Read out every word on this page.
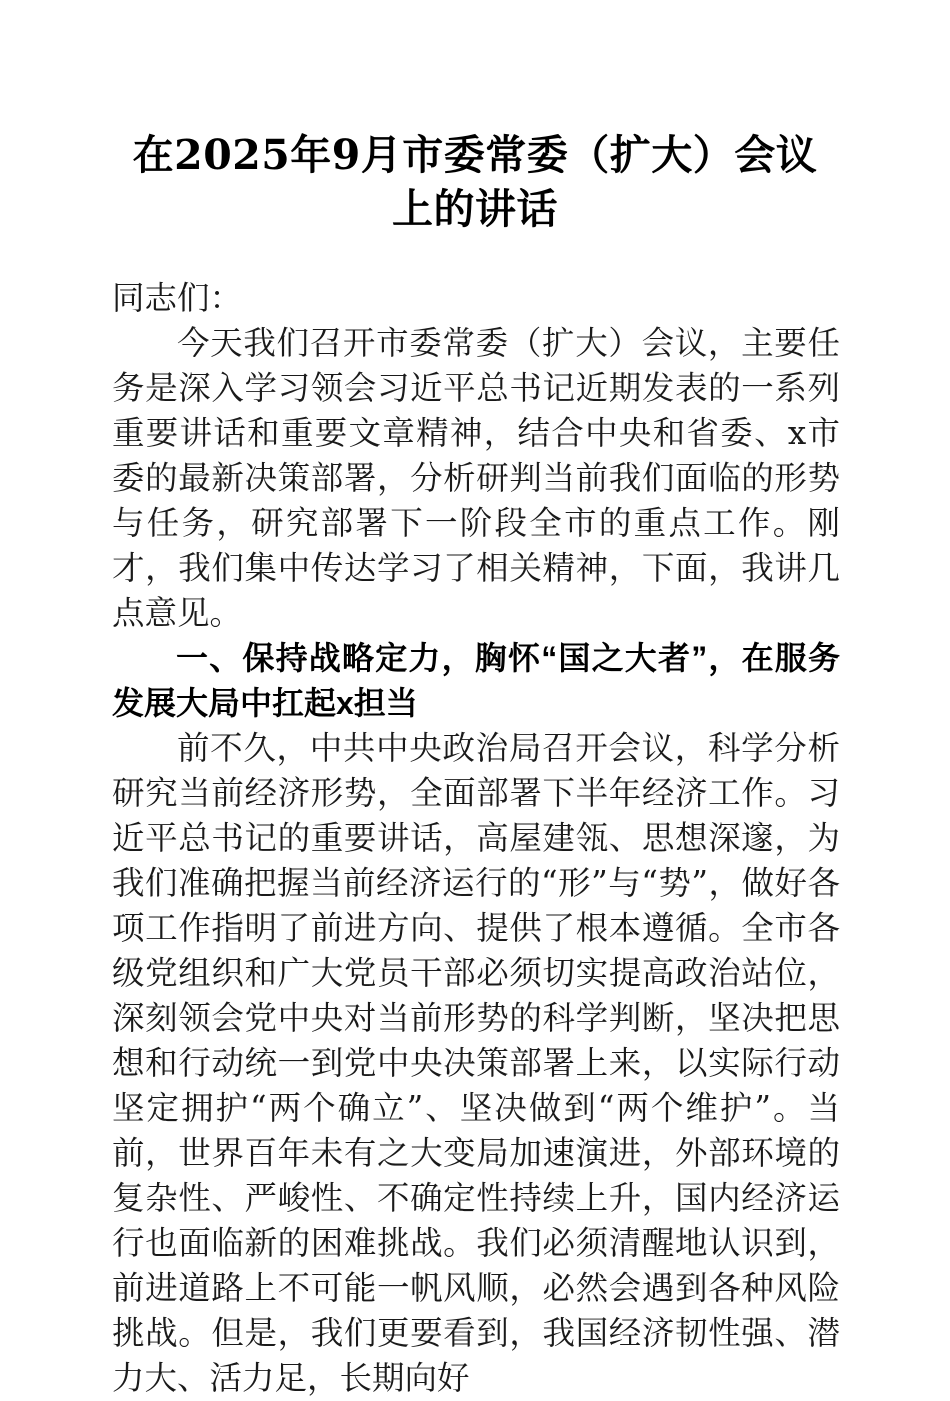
在2025年9月市委常委（扩大）会议上的讲话

同志们：

今天我们召开市委常委（扩大）会议，主要任务是深入学习领会习近平总书记近期发表的一系列重要讲话和重要文章精神，结合中央和省委、x市委的最新决策部署，分析研判当前我们面临的形势与任务，研究部署下一阶段全市的重点工作。刚才，我们集中传达学习了相关精神，下面，我讲几点意见。

一、保持战略定力，胸怀“国之大者”，在服务发展大局中扛起x担当

前不久，中共中央政治局召开会议，科学分析研究当前经济形势，全面部署下半年经济工作。习近平总书记的重要讲话，高屋建瓴、思想深邃，为我们准确把握当前经济运行的“形”与“势”，做好各项工作指明了前进方向、提供了根本遵循。全市各级党组织和广大党员干部必须切实提高政治站位，深刻领会党中央对当前形势的科学判断，坚决把思想和行动统一到党中央决策部署上来，以实际行动坚定拥护“两个确立”、坚决做到“两个维护”。当前，世界百年未有之大变局加速演进，外部环境的复杂性、严峻性、不确定性持续上升，国内经济运行也面临新的困难挑战。我们必须清醒地认识到，前进道路上不可能一帆风顺，必然会遇到各种风险挑战。但是，我们更要看到，我国经济韧性强、潜力大、活力足，长期向好
